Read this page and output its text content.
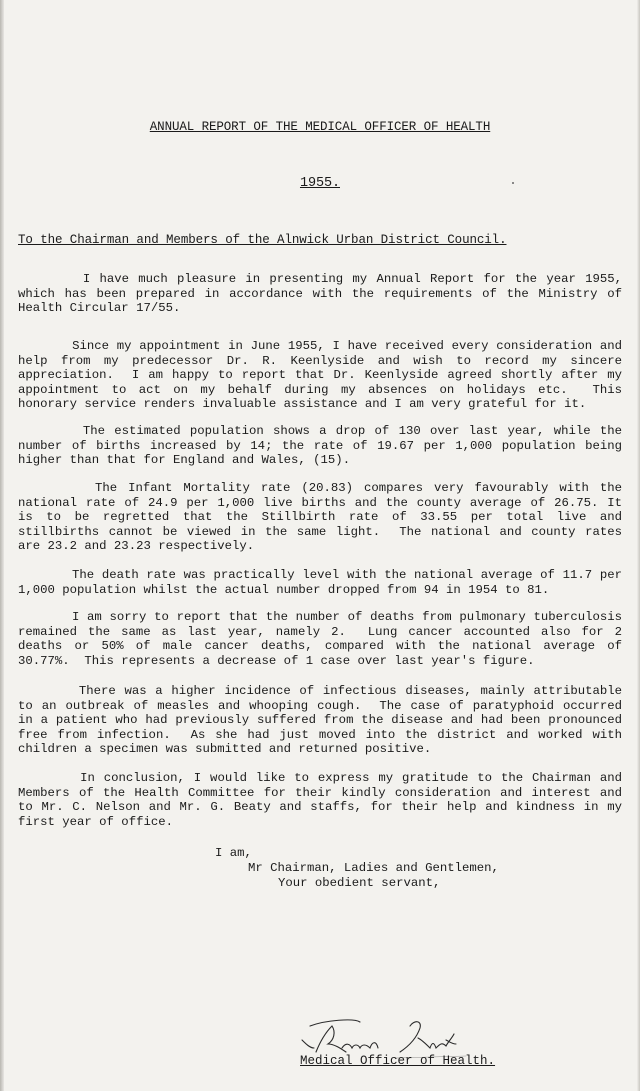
ANNUAL REPORT OF THE MEDICAL OFFICER OF HEALTH
1955.
To the Chairman and Members of the Alnwick Urban District Council.

I have much pleasure in presenting my Annual Report for the year 1955, which has been prepared in accordance with the requirements of the Ministry of Health Circular 17/55.

Since my appointment in June 1955, I have received every consideration and help from my predecessor Dr. R. Keenlyside and wish to record my sincere appreciation.  I am happy to report that Dr. Keenlyside agreed shortly after my appointment to act on my behalf during my absences on holidays etc.  This honorary service renders invaluable assistance and I am very grateful for it.

The estimated population shows a drop of 130 over last year, while the number of births increased by 14; the rate of 19.67 per 1,000 population being higher than that for England and Wales, (15).

The Infant Mortality rate (20.83) compares very favourably with the national rate of 24.9 per 1,000 live births and the county average of 26.75. It is to be regretted that the Stillbirth rate of 33.55 per total live and stillbirths cannot be viewed in the same light.  The national and county rates are 23.2 and 23.23 respectively.

The death rate was practically level with the national average of 11.7 per 1,000 population whilst the actual number dropped from 94 in 1954 to 81.

I am sorry to report that the number of deaths from pulmonary tuberculosis remained the same as last year, namely 2.  Lung cancer accounted also for 2 deaths or 50% of male cancer deaths, compared with the national average of 30.77%.  This represents a decrease of 1 case over last year's figure.

There was a higher incidence of infectious diseases, mainly attributable to an outbreak of measles and whooping cough.  The case of paratyphoid occurred in a patient who had previously suffered from the disease and had been pronounced free from infection.  As she had just moved into the district and worked with children a specimen was submitted and returned positive.

In conclusion, I would like to express my gratitude to the Chairman and Members of the Health Committee for their kindly consideration and interest and to Mr. C. Nelson and Mr. G. Beaty and staffs, for their help and kindness in my first year of office.

I am,
Mr Chairman, Ladies and Gentlemen,
Your obedient servant,
Medical Officer of Health.
